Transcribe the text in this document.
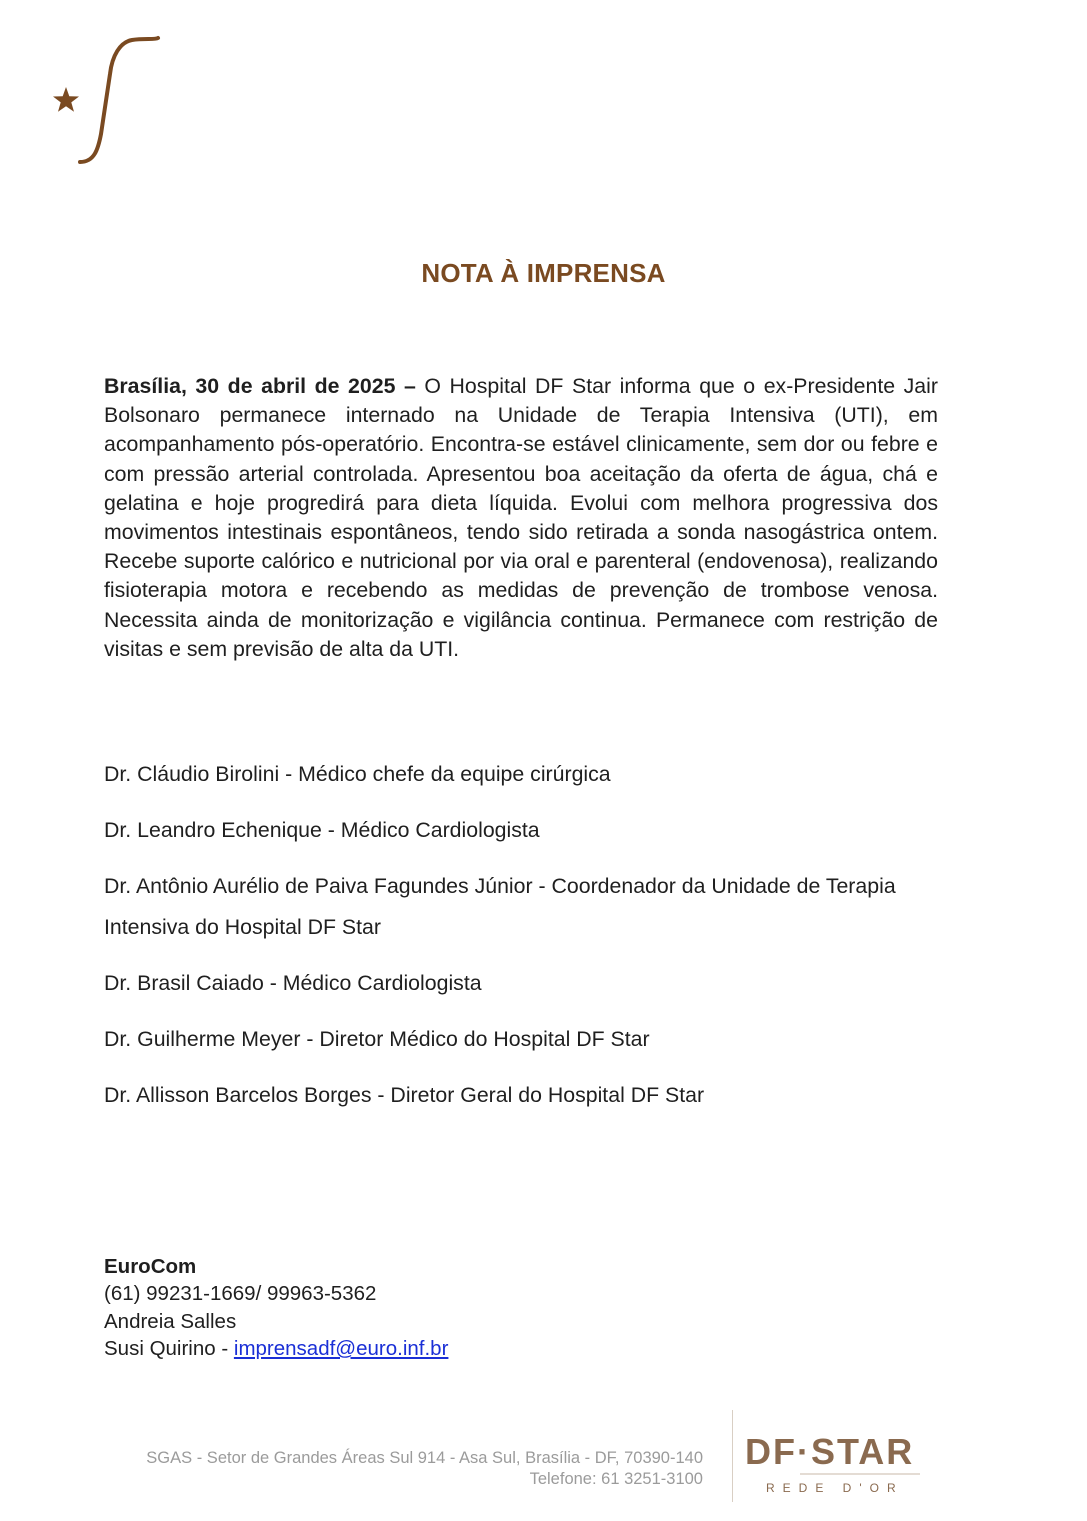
NOTA À IMPRENSA

Brasília, 30 de abril de 2025 – O Hospital DF Star informa que o ex-Presidente Jair Bolsonaro permanece internado na Unidade de Terapia Intensiva (UTI), em acompanhamento pós-operatório. Encontra-se estável clinicamente, sem dor ou febre e com pressão arterial controlada. Apresentou boa aceitação da oferta de água, chá e gelatina e hoje progredirá para dieta líquida. Evolui com melhora progressiva dos movimentos intestinais espontâneos, tendo sido retirada a sonda nasogástrica ontem. Recebe suporte calórico e nutricional por via oral e parenteral (endovenosa), realizando fisioterapia motora e recebendo as medidas de prevenção de trombose venosa. Necessita ainda de monitorização e vigilância continua. Permanece com restrição de visitas e sem previsão de alta da UTI.

Dr. Cláudio Birolini - Médico chefe da equipe cirúrgica
Dr. Leandro Echenique - Médico Cardiologista
Dr. Antônio Aurélio de Paiva Fagundes Júnior - Coordenador da Unidade de Terapia Intensiva do Hospital DF Star
Dr. Brasil Caiado - Médico Cardiologista
Dr. Guilherme Meyer - Diretor Médico do Hospital DF Star
Dr. Allisson Barcelos Borges - Diretor Geral do Hospital DF Star
EuroCom
(61) 99231-1669/ 99963-5362
Andreia Salles
Susi Quirino - imprensadf@euro.inf.br
SGAS - Setor de Grandes Áreas Sul 914 - Asa Sul, Brasília - DF, 70390-140
Telefone: 61 3251-3100
DF·STAR
REDE D'OR
